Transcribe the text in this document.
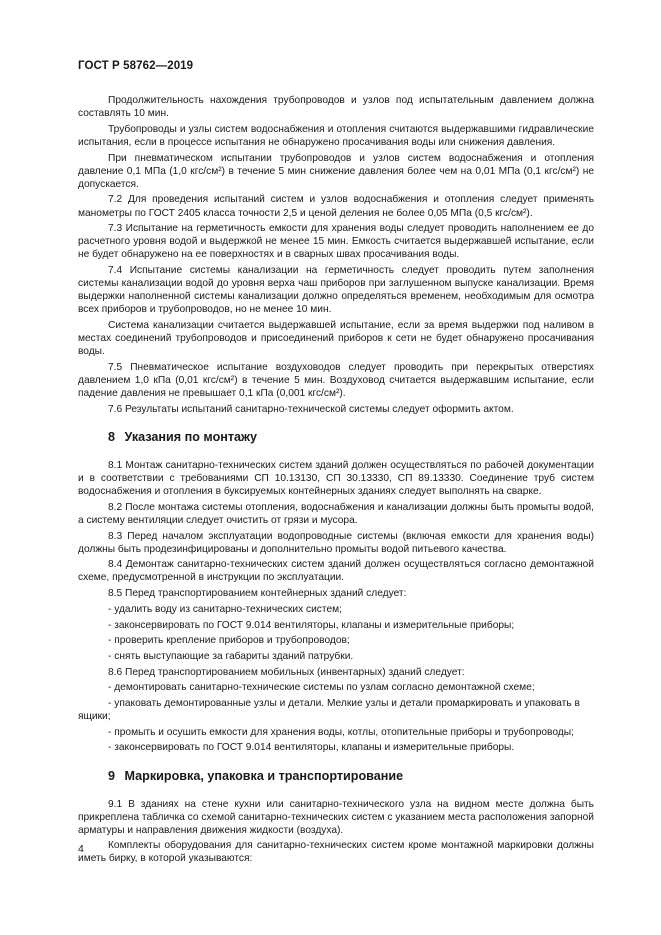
ГОСТ Р 58762—2019

Продолжительность нахождения трубопроводов и узлов под испытательным давлением должна составлять 10 мин.

Трубопроводы и узлы систем водоснабжения и отопления считаются выдержавшими гидравлические испытания, если в процессе испытания не обнаружено просачивания воды или снижения давления.

При пневматическом испытании трубопроводов и узлов систем водоснабжения и отопления давление 0,1 МПа (1,0 кгс/см²) в течение 5 мин снижение давления более чем на 0,01 МПа (0,1 кгс/см²) не допускается.

7.2 Для проведения испытаний систем и узлов водоснабжения и отопления следует применять манометры по ГОСТ 2405 класса точности 2,5 и ценой деления не более 0,05 МПа (0,5 кгс/см²).

7.3 Испытание на герметичность емкости для хранения воды следует проводить наполнением ее до расчетного уровня водой и выдержкой не менее 15 мин. Емкость считается выдержавшей испытание, если не будет обнаружено на ее поверхностях и в сварных швах просачивания воды.

7.4 Испытание системы канализации на герметичность следует проводить путем заполнения системы канализации водой до уровня верха чаш приборов при заглушенном выпуске канализации. Время выдержки наполненной системы канализации должно определяться временем, необходимым для осмотра всех приборов и трубопроводов, но не менее 10 мин.

Система канализации считается выдержавшей испытание, если за время выдержки под наливом в местах соединений трубопроводов и присоединений приборов к сети не будет обнаружено просачивания воды.

7.5 Пневматическое испытание воздуховодов следует проводить при перекрытых отверстиях давлением 1,0 кПа (0,01 кгс/см²) в течение 5 мин. Воздуховод считается выдержавшим испытание, если падение давления не превышает 0,1 кПа (0,001 кгс/см²).

7.6 Результаты испытаний санитарно-технической системы следует оформить актом.

8 Указания по монтажу

8.1 Монтаж санитарно-технических систем зданий должен осуществляться по рабочей документации и в соответствии с требованиями СП 10.13130, СП 30.13330, СП 89.13330. Соединение труб систем водоснабжения и отопления в буксируемых контейнерных зданиях следует выполнять на сварке.

8.2 После монтажа системы отопления, водоснабжения и канализации должны быть промыты водой, а систему вентиляции следует очистить от грязи и мусора.

8.3 Перед началом эксплуатации водопроводные системы (включая емкости для хранения воды) должны быть продезинфицированы и дополнительно промыты водой питьевого качества.

8.4 Демонтаж санитарно-технических систем зданий должен осуществляться согласно демонтажной схеме, предусмотренной в инструкции по эксплуатации.

8.5 Перед транспортированием контейнерных зданий следует:

- удалить воду из санитарно-технических систем;

- законсервировать по ГОСТ 9.014 вентиляторы, клапаны и измерительные приборы;

- проверить крепление приборов и трубопроводов;

- снять выступающие за габариты зданий патрубки.

8.6 Перед транспортированием мобильных (инвентарных) зданий следует:

- демонтировать санитарно-технические системы по узлам согласно демонтажной схеме;

- упаковать демонтированные узлы и детали. Мелкие узлы и детали промаркировать и упаковать в ящики;

- промыть и осушить емкости для хранения воды, котлы, отопительные приборы и трубопроводы;

- законсервировать по ГОСТ 9.014 вентиляторы, клапаны и измерительные приборы.

9 Маркировка, упаковка и транспортирование

9.1 В зданиях на стене кухни или санитарно-технического узла на видном месте должна быть прикреплена табличка со схемой санитарно-технических систем с указанием места расположения запорной арматуры и направления движения жидкости (воздуха).

Комплекты оборудования для санитарно-технических систем кроме монтажной маркировки должны иметь бирку, в которой указываются:

4
